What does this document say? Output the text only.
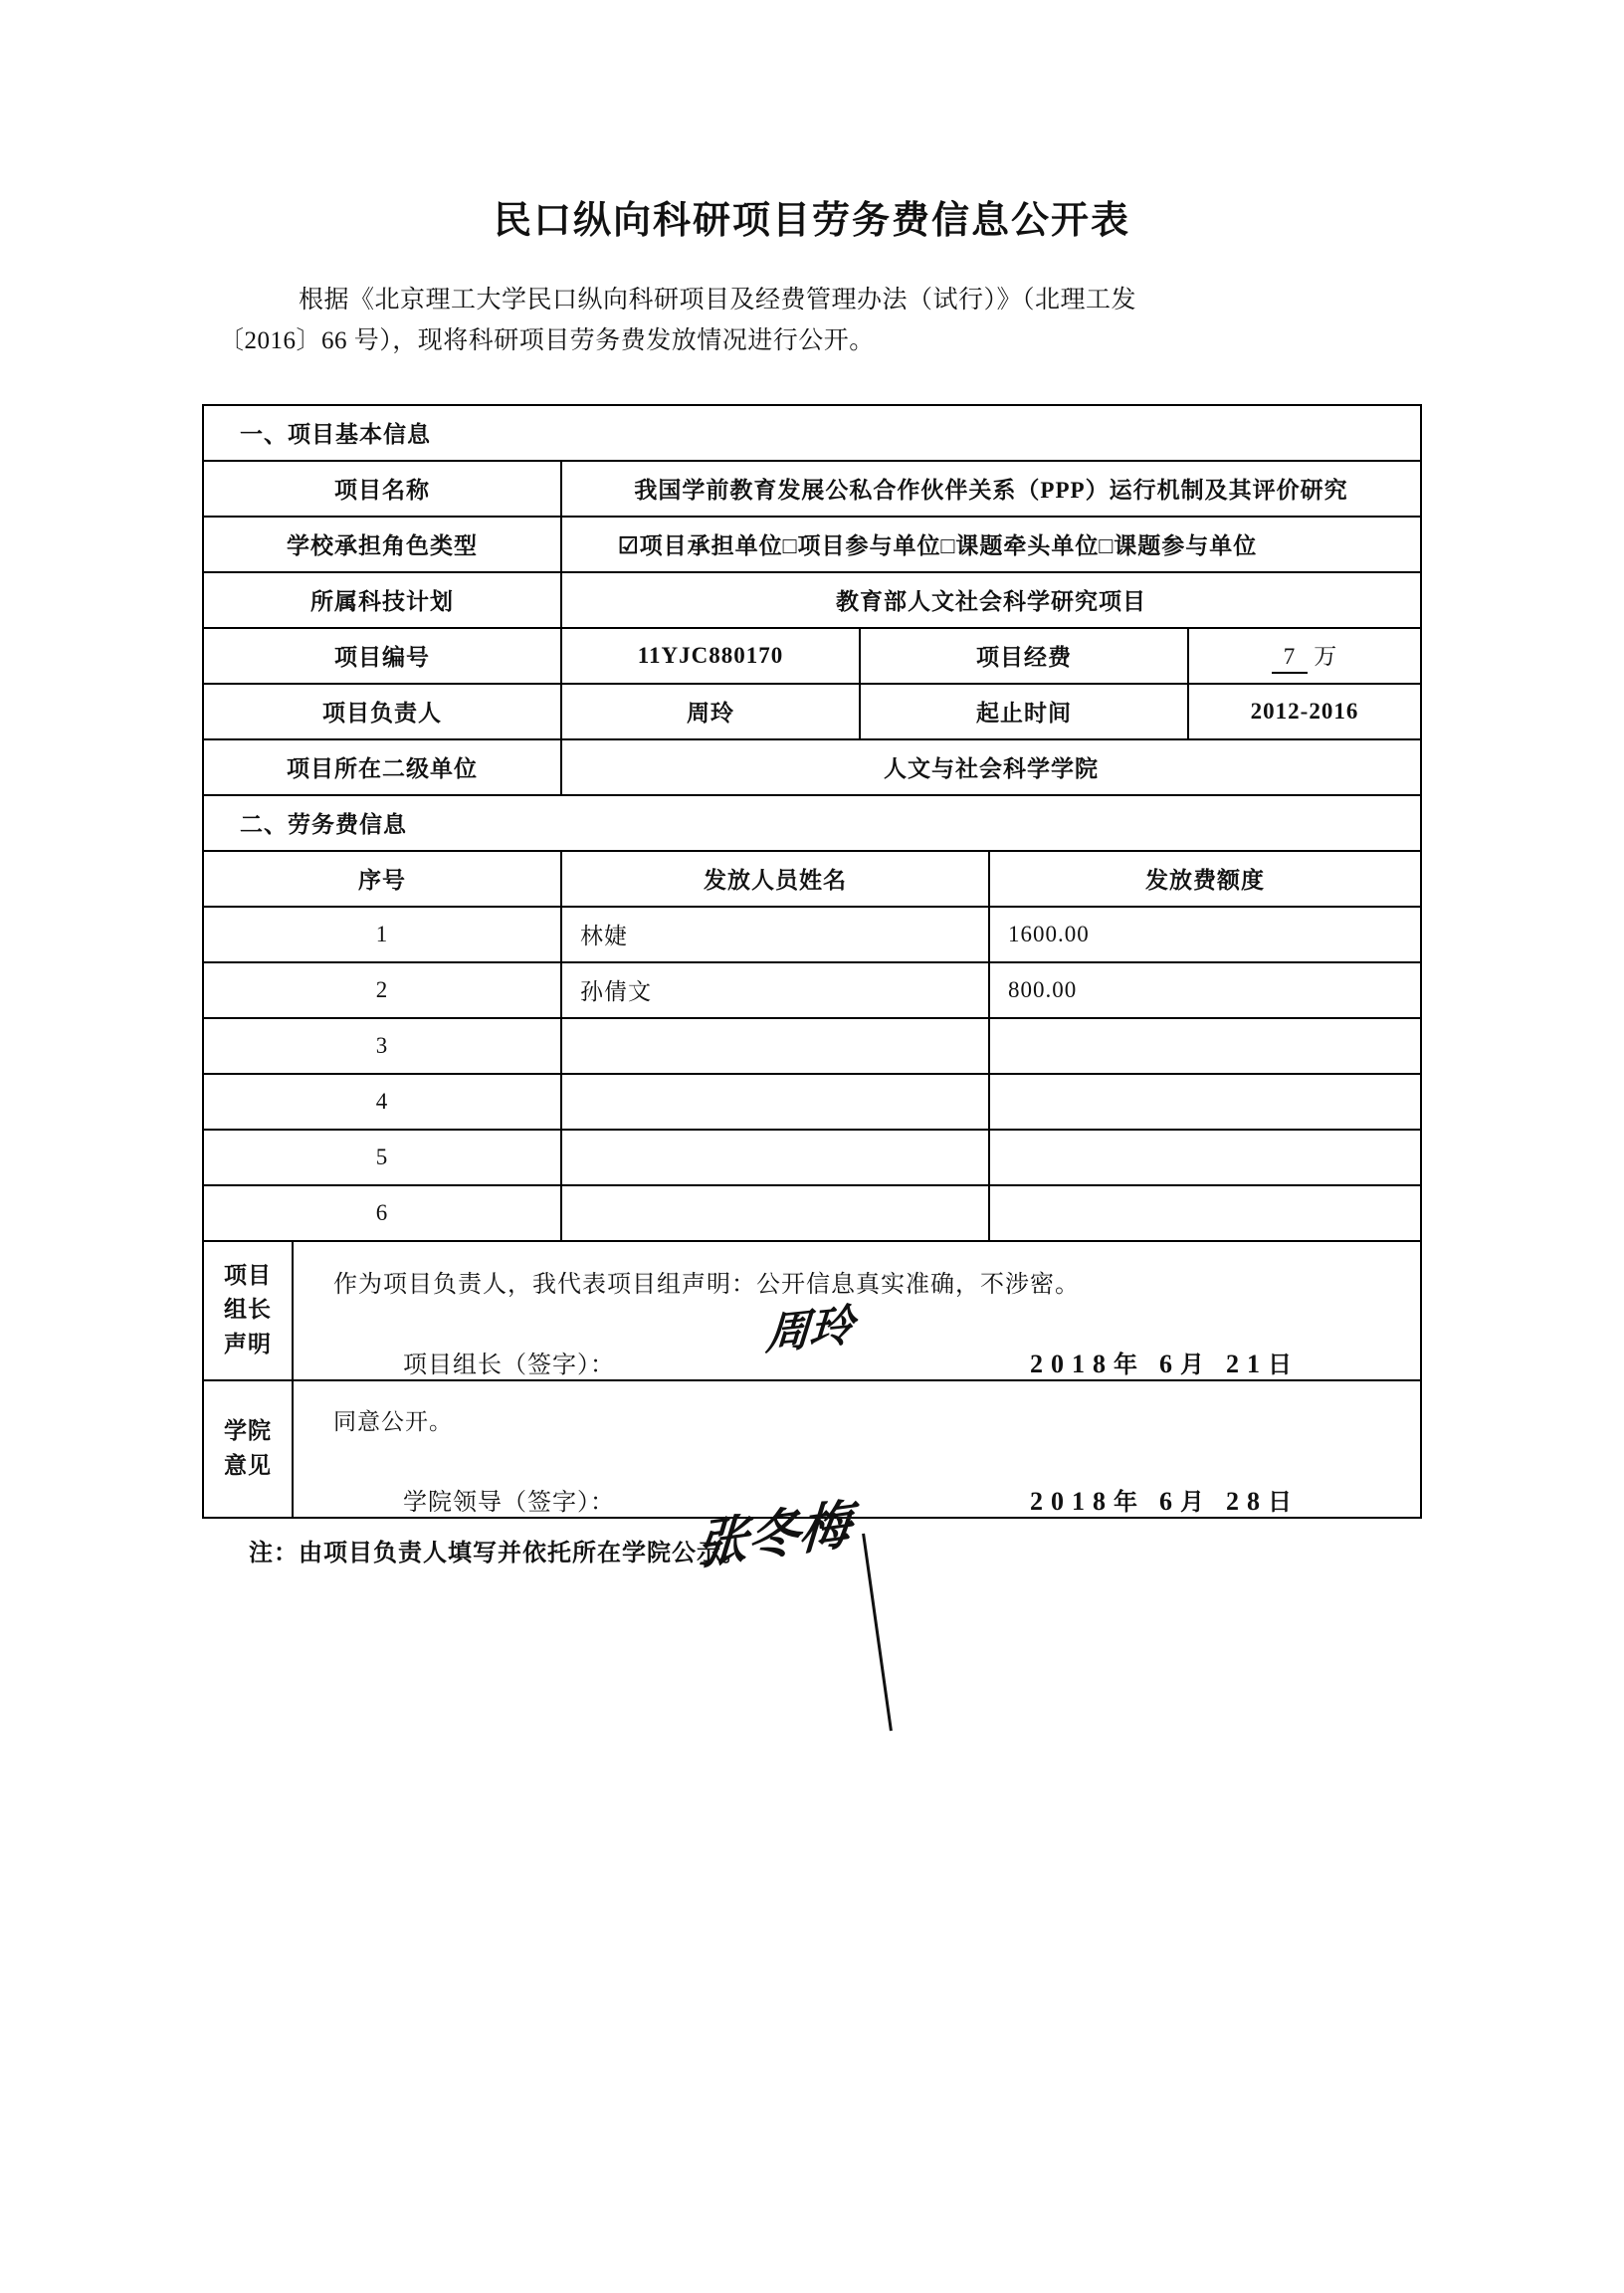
民口纵向科研项目劳务费信息公开表
根据《北京理工大学民口纵向科研项目及经费管理办法（试行）》（北理工发
〔2016〕66 号），现将科研项目劳务费发放情况进行公开。
一、项目基本信息					
项目名称		我国学前教育发展公私合作伙伴关系（PPP）运行机制及其评价研究			
学校承担角色类型		☑项目承担单位□项目参与单位□课题牵头单位□课题参与单位			
所属科技计划		教育部人文社会科学研究项目			
项目编号		11YJC880170	项目经费		7 万
项目负责人		周玲	起止时间		2012-2016
项目所在二级单位		人文与社会科学学院			
二、劳务费信息					
序号		发放人员姓名		发放费额度	
1		林婕		1600.00	
2		孙倩文		800.00	
3					
4					
5					
6					

项目
组长
声明

作为项目负责人，我代表项目组声明：公开信息真实准确，不涉密。
项目组长（签字）：	2018年 6月 21日

学院
意见

同意公开。
学院领导（签字）：	2018年 6月 28日
注：由项目负责人填写并依托所在学院公示。
周玲
张冬梅
